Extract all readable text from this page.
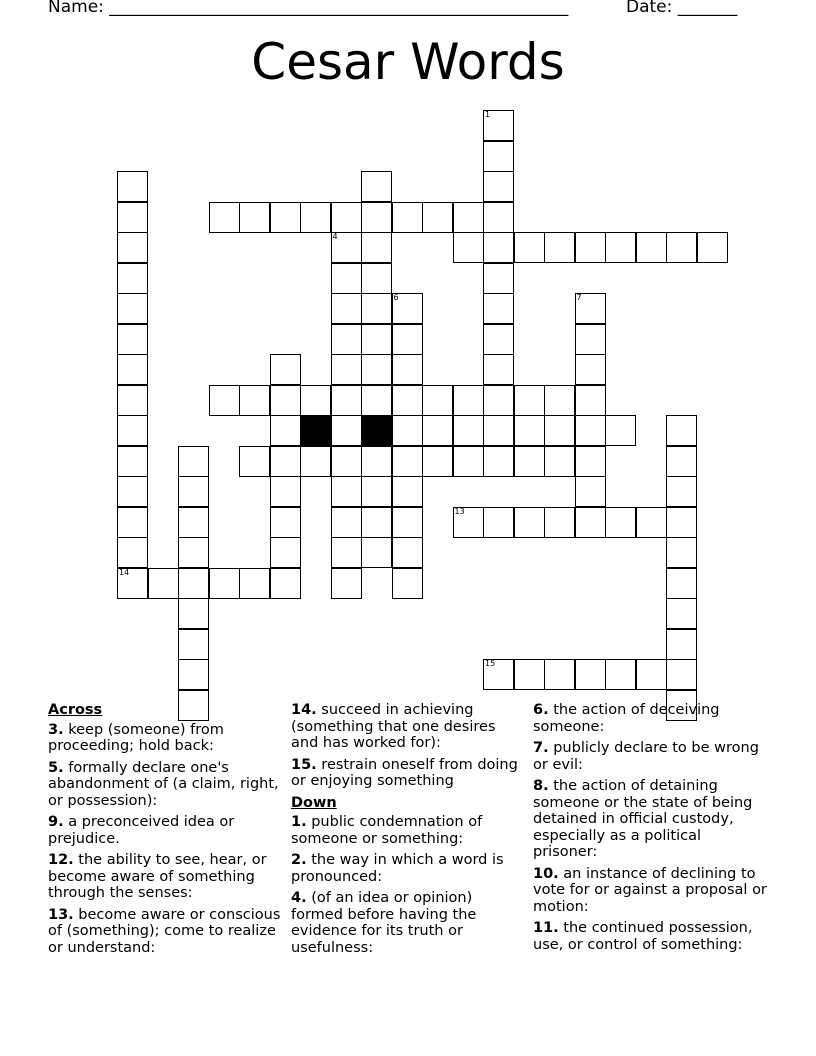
Name: ______________________________________________________	Date: _______
Cesar Words
1
14
4
6	7
13
15
Across
3. keep (someone) from proceeding; hold back:
5. formally declare one's abandonment of (a claim, right, or possession):
9. a preconceived idea or prejudice.
12. the ability to see, hear, or become aware of something through the senses:
13. become aware or conscious of (something); come to realize or understand:
14. succeed in achieving (something that one desires and has worked for):
15. restrain oneself from doing or enjoying something
Down
1. public condemnation of someone or something:
2. the way in which a word is pronounced:
4. (of an idea or opinion) formed before having the evidence for its truth or usefulness:
6. the action of deceiving someone:
7. publicly declare to be wrong or evil:
8. the action of detaining someone or the state of being detained in official custody, especially as a political prisoner:
10. an instance of declining to vote for or against a proposal or motion:
11. the continued possession, use, or control of something:
